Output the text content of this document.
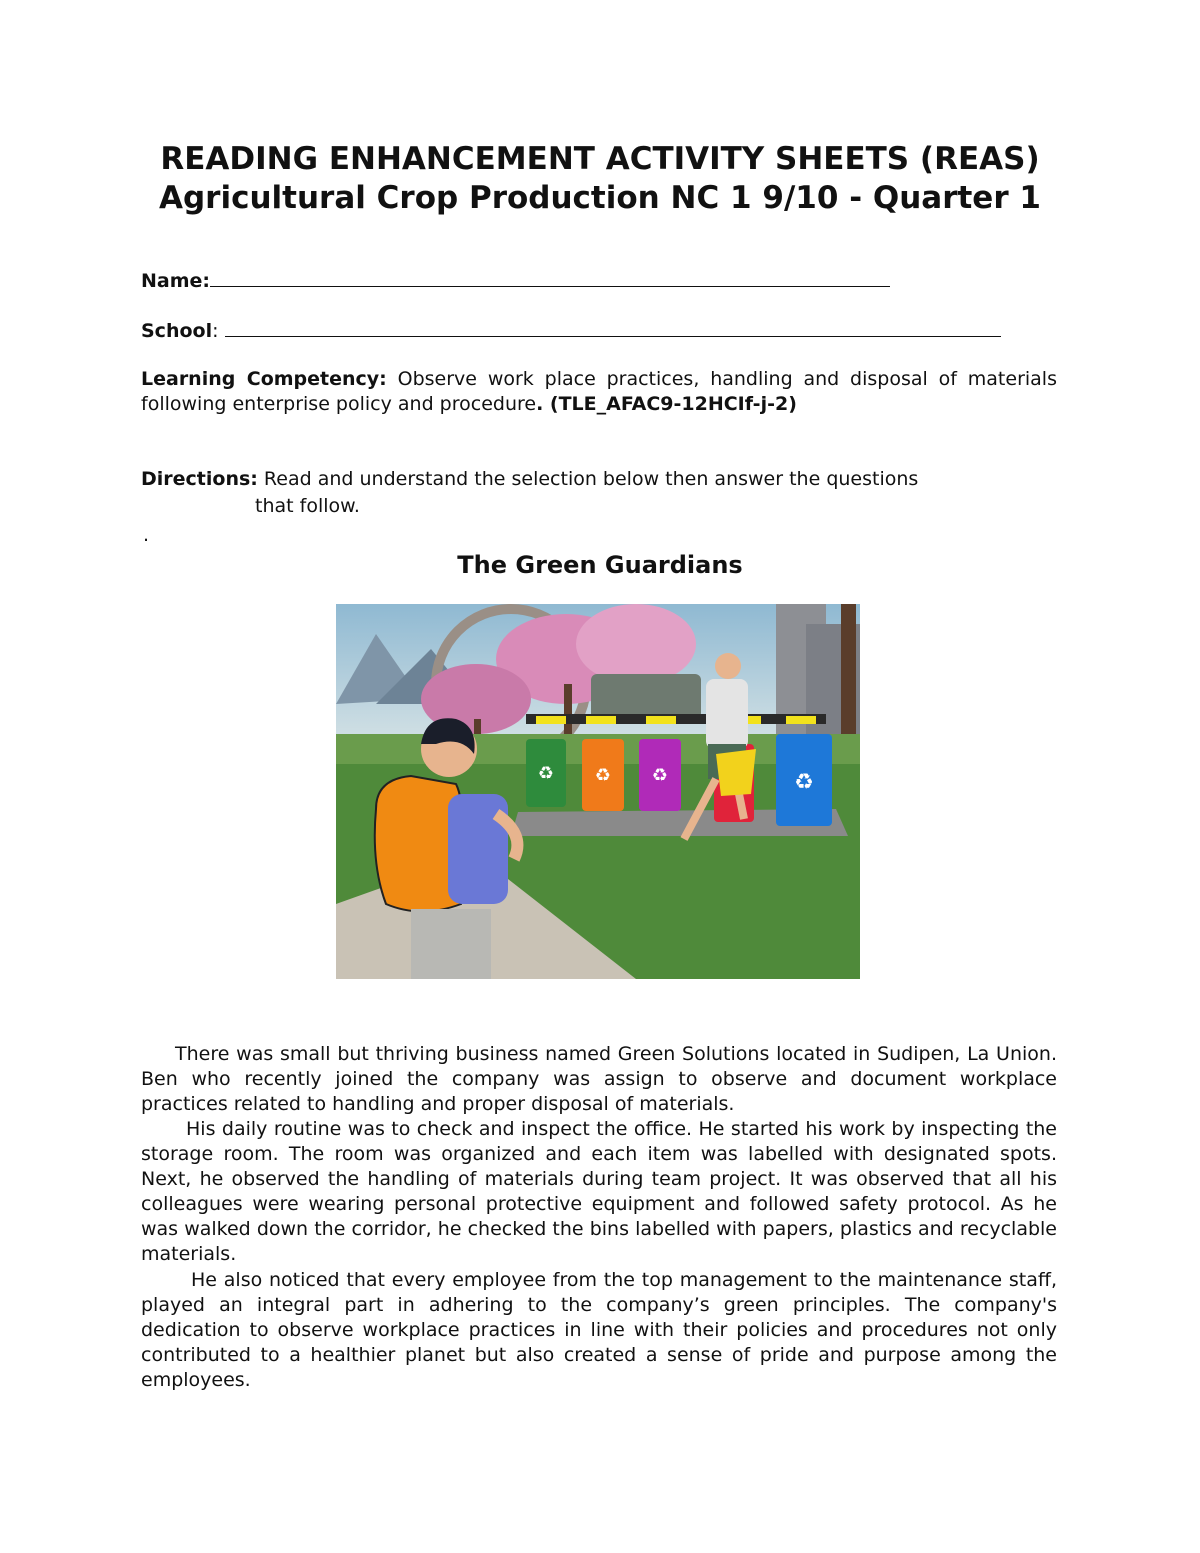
READING ENHANCEMENT ACTIVITY SHEETS (REAS)
Agricultural Crop Production NC 1 9/10 - Quarter 1
Name:
School:

Learning Competency: Observe work place practices, handling and disposal of materials following enterprise policy and procedure. (TLE_AFAC9-12HCIf-j-2)

Directions: Read and understand the selection below then answer the questions
that follow.
.
The Green Guardians
♻ ♻ ♻	♻

There was small but thriving business named Green Solutions located in Sudipen, La Union. Ben who recently joined the company was assign to observe and document workplace practices related to handling and proper disposal of materials.

His daily routine was to check and inspect the office. He started his work by inspecting the storage room. The room was organized and each item was labelled with designated spots. Next, he observed the handling of materials during team project. It was observed that all his colleagues were wearing personal protective equipment and followed safety protocol. As he was walked down the corridor, he checked the bins labelled with papers, plastics and recyclable materials.

He also noticed that every employee from the top management to the maintenance staff, played an integral part in adhering to the company’s green principles. The company's dedication to observe workplace practices in line with their policies and procedures not only contributed to a healthier planet but also created a sense of pride and purpose among the employees.
